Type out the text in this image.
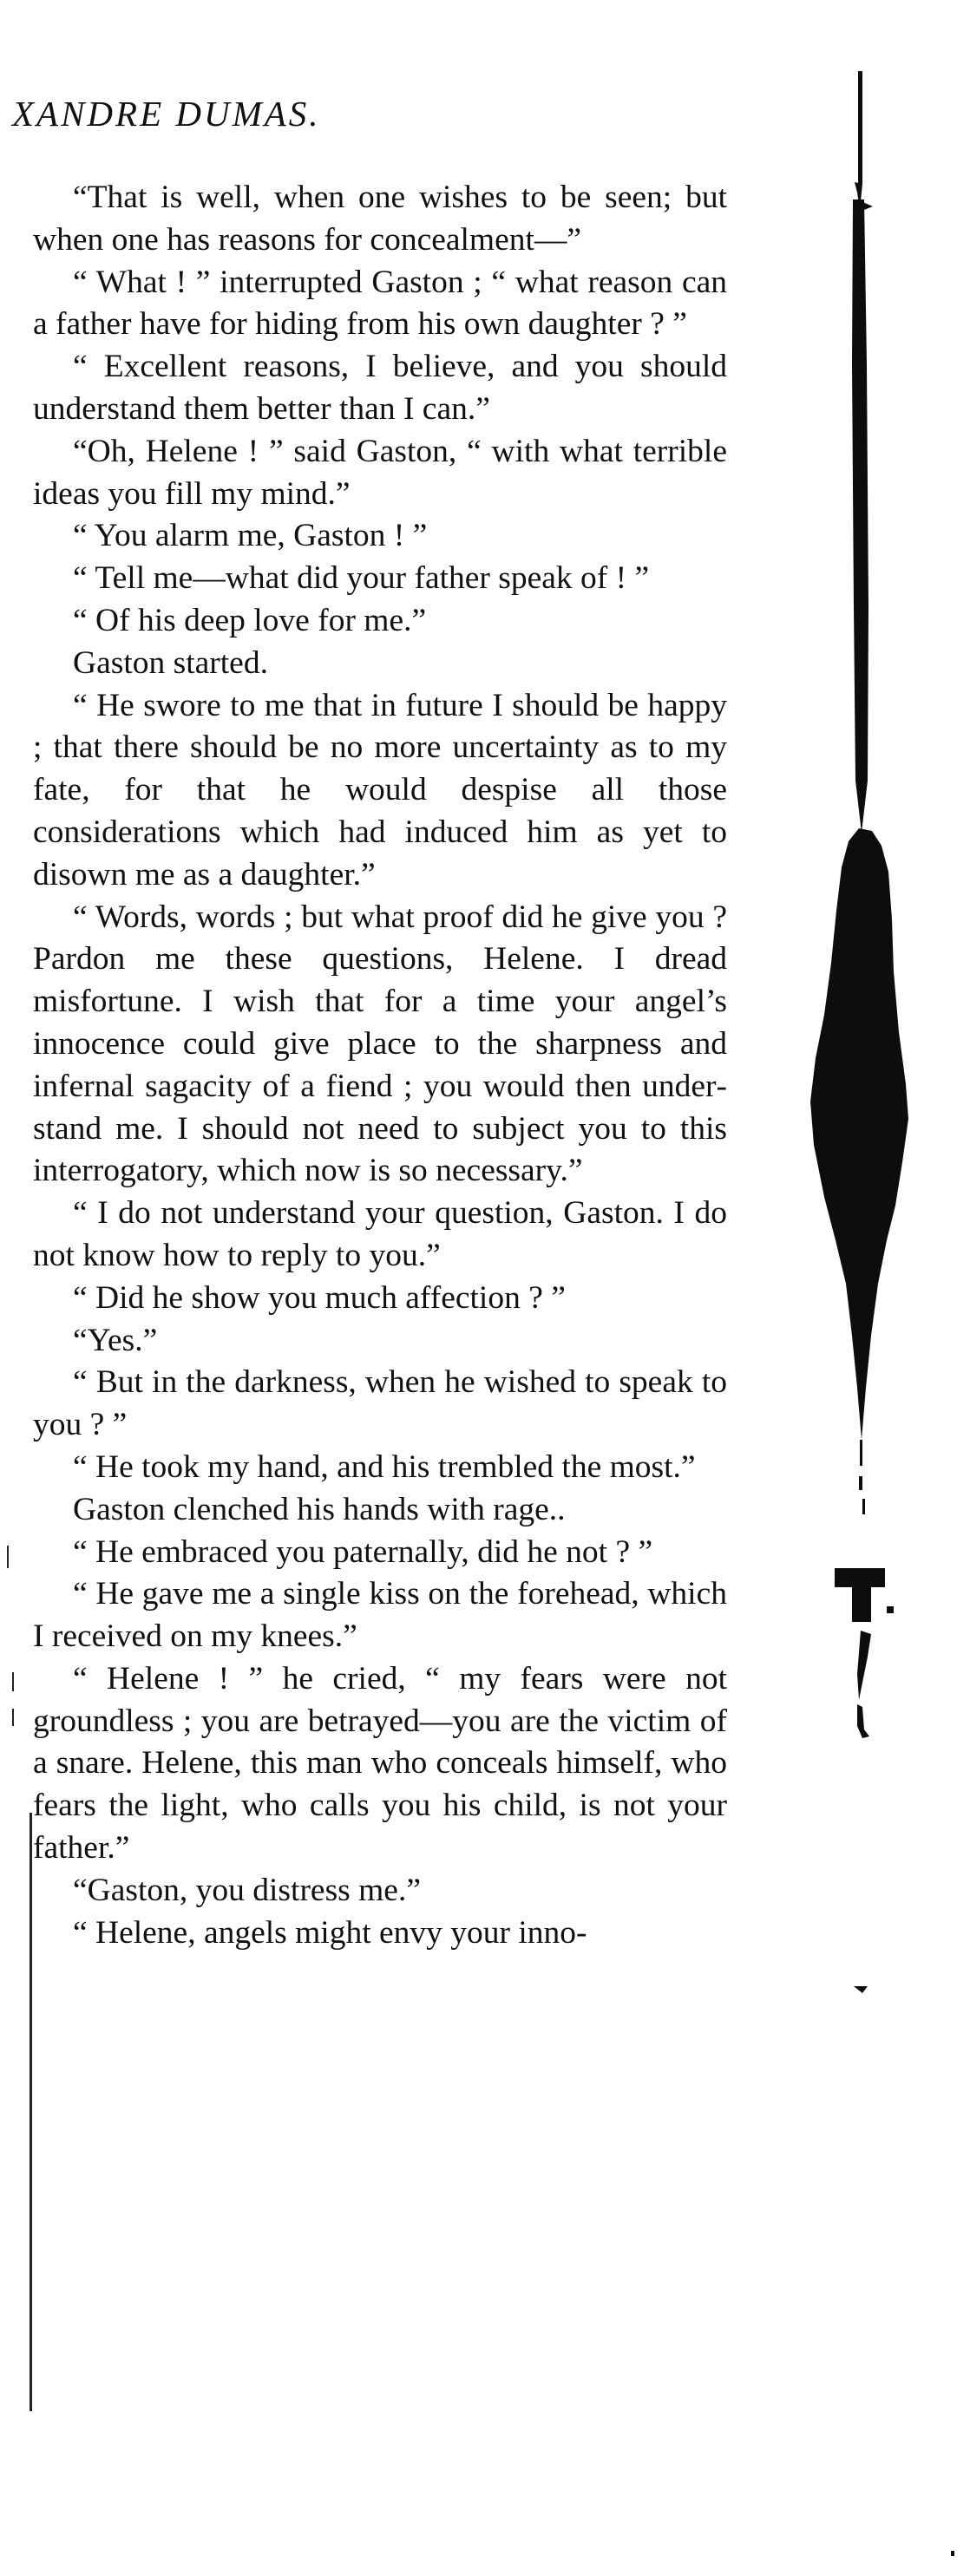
XANDRE DUMAS.

“That is well, when one wishes to be seen; but when one has reasons for concealment—”

“ What ! ” interrupted Gaston ; “ what reason can a father have for hiding from his own daughter ? ”

“ Excellent reasons, I believe, and you should understand them better than I can.”

“Oh, Helene ! ” said Gaston, “ with what terrible ideas you fill my mind.”

“ You alarm me, Gaston ! ”

“ Tell me—what did your father speak of ! ”

“ Of his deep love for me.”

Gaston started.

“ He swore to me that in future I should be happy ; that there should be no more uncertainty as to my fate, for that he would despise all those considerations which had induced him as yet to disown me as a daughter.”

“ Words, words ; but what proof did he give you ? Pardon me these questions, Helene. I dread misfortune. I wish that for a time your angel’s innocence could give place to the sharpness and infernal sagacity of a fiend ; you would then understand me. I should not need to subject you to this interrogatory, which now is so necessary.”

“ I do not understand your question, Gaston. I do not know how to reply to you.”

“ Did he show you much affection ? ”

“Yes.”

“ But in the darkness, when he wished to speak to you ? ”

“ He took my hand, and his trembled the most.”

Gaston clenched his hands with rage..

“ He embraced you paternally, did he not ? ”

“ He gave me a single kiss on the forehead, which I received on my knees.”

“ Helene ! ” he cried, “ my fears were not groundless ; you are betrayed—you are the victim of a snare. Helene, this man who conceals himself, who fears the light, who calls you his child, is not your father.”

“Gaston, you distress me.”

“ Helene, angels might envy your inno-
